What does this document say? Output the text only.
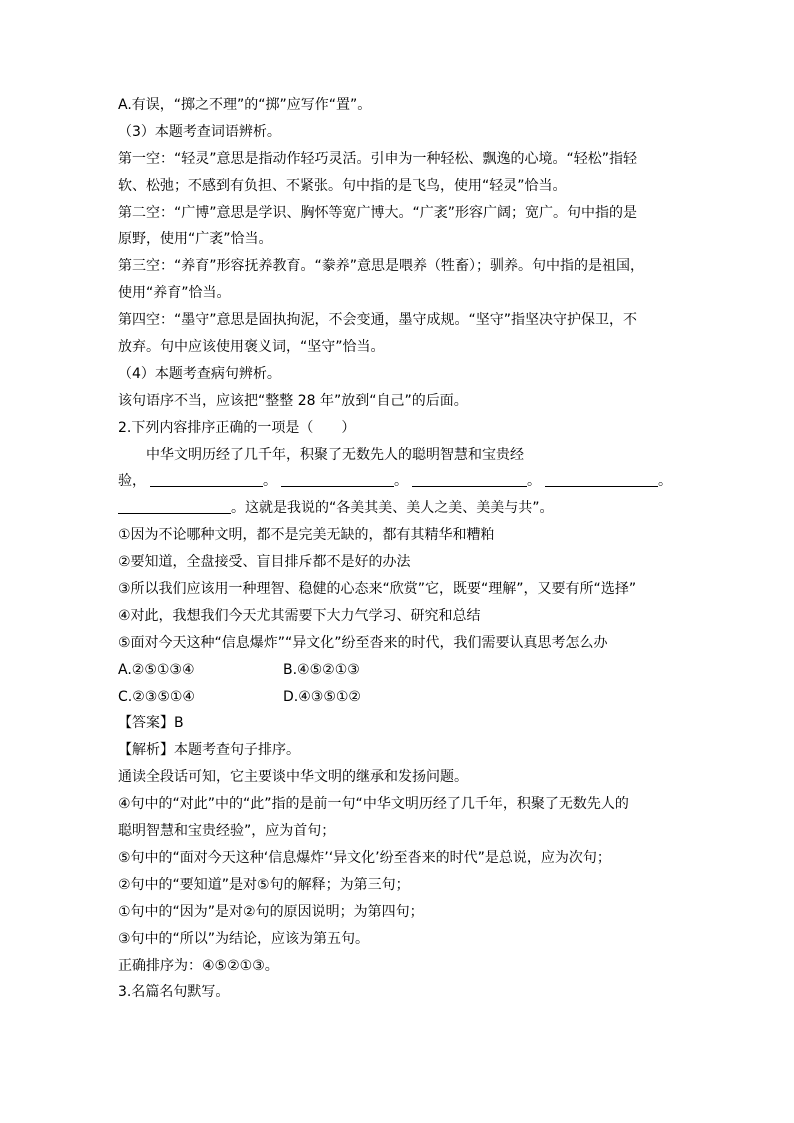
A.有误，“掷之不理”的“掷”应写作“置”。
（3）本题考查词语辨析。
第一空：“轻灵”意思是指动作轻巧灵活。引申为一种轻松、飘逸的心境。“轻松”指轻
软、松弛；不感到有负担、不紧张。句中指的是飞鸟，使用“轻灵”恰当。
第二空：“广博”意思是学识、胸怀等宽广博大。“广袤”形容广阔；宽广。句中指的是
原野，使用“广袤”恰当。
第三空：“养育”形容抚养教育。“豢养”意思是喂养（牲畜）；驯养。句中指的是祖国，
使用“养育”恰当。
第四空：“墨守”意思是固执拘泥，不会变通，墨守成规。“坚守”指坚决守护保卫，不
放弃。句中应该使用褒义词，“坚守”恰当。
（4）本题考查病句辨析。
该句语序不当，应该把“整整 28 年”放到“自己”的后面。
2.下列内容排序正确的一项是（　　）
中华文明历经了几千年，积聚了无数先人的聪明智慧和宝贵经
验，	。	。	。	。
。这就是我说的“各美其美、美人之美、美美与共”。
①因为不论哪种文明，都不是完美无缺的，都有其精华和糟粕
②要知道，全盘接受、盲目排斥都不是好的办法
③所以我们应该用一种理智、稳健的心态来“欣赏”它，既要“理解”，又要有所“选择”
④对此，我想我们今天尤其需要下大力气学习、研究和总结
⑤面对今天这种“信息爆炸”“异文化”纷至沓来的时代，我们需要认真思考怎么办
A.②⑤①③④	B.④⑤②①③
C.②③⑤①④	D.④③⑤①②
【答案】B
【解析】本题考查句子排序。
通读全段话可知，它主要谈中华文明的继承和发扬问题。
④句中的“对此”中的“此”指的是前一句“中华文明历经了几千年，积聚了无数先人的
聪明智慧和宝贵经验”，应为首句；
⑤句中的“面对今天这种‘信息爆炸’‘异文化’纷至沓来的时代”是总说，应为次句；
②句中的“要知道”是对⑤句的解释；为第三句；
①句中的“因为”是对②句的原因说明；为第四句；
③句中的“所以”为结论，应该为第五句。
正确排序为：④⑤②①③。
3.名篇名句默写。
